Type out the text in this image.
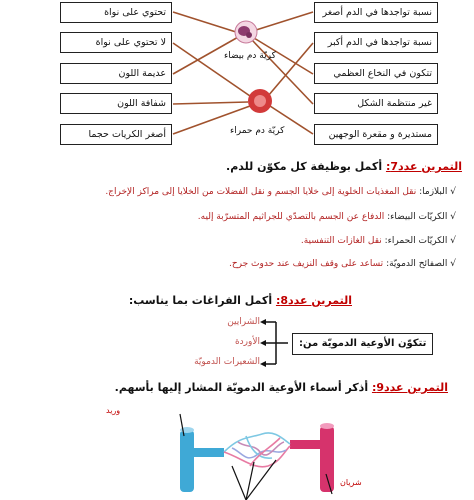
تحتوي على نواة
لا تحتوي على نواة
عديمة اللون
شفافة اللون
أصغر الكريات حجما
نسبة تواجدها في الدم أصغر
نسبة تواجدها في الدم أكبر
تتكون في النخاع العظمي
غير منتظمة الشكل
مستديرة و مقعرة الوجهين
كريّة دم بيضاء
كريّة دم حمراء
التمرين عدد7: أكمل بوظيفة كل مكوّن للدم.
√ البلازما: نقل المغذيات الخلوية إلى خلايا الجسم و نقل الفضلات من الخلايا إلى مراكز الإخراج.
√ الكريّات البيضاء: الدفاع عن الجسم بالتصدّي للجراثيم المتسرّبة إليه.
√ الكريّات الحمراء: نقل الغازات التنفسية.
√ الصفائح الدمويّة: تساعد على وقف النزيف عند حدوث جرح.
التمرين عدد8: أكمل الفراغات بما يناسب:
تتكوّن الأوعية الدمويّة من:
الشرايين
الأوردة
الشعيرات الدمويّة
التمرين عدد9: أذكر أسماء الأوعية الدمويّة المشار إليها بأسهم.
وريد
شريان
